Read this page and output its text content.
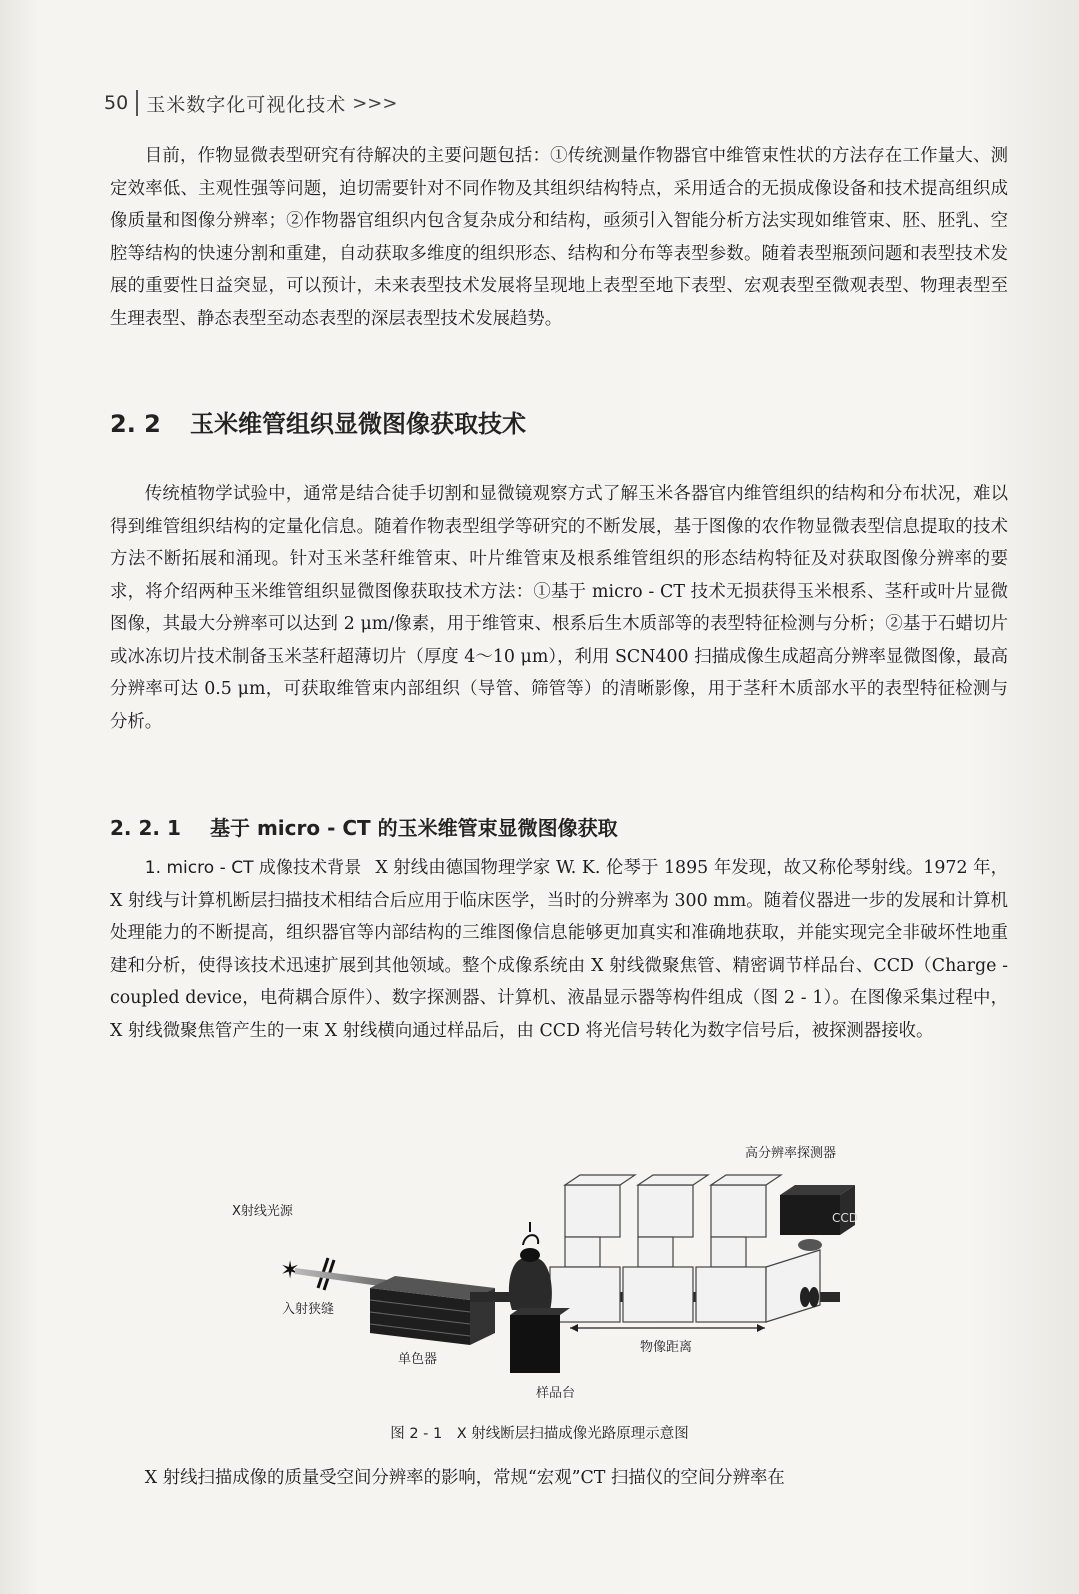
50 玉米数字化可视化技术 >>>

目前，作物显微表型研究有待解决的主要问题包括：①传统测量作物器官中维管束性状的方法存在工作量大、测定效率低、主观性强等问题，迫切需要针对不同作物及其组织结构特点，采用适合的无损成像设备和技术提高组织成像质量和图像分辨率；②作物器官组织内包含复杂成分和结构，亟须引入智能分析方法实现如维管束、胚、胚乳、空腔等结构的快速分割和重建，自动获取多维度的组织形态、结构和分布等表型参数。随着表型瓶颈问题和表型技术发展的重要性日益突显，可以预计，未来表型技术发展将呈现地上表型至地下表型、宏观表型至微观表型、物理表型至生理表型、静态表型至动态表型的深层表型技术发展趋势。

2. 2 玉米维管组织显微图像获取技术

传统植物学试验中，通常是结合徒手切割和显微镜观察方式了解玉米各器官内维管组织的结构和分布状况，难以得到维管组织结构的定量化信息。随着作物表型组学等研究的不断发展，基于图像的农作物显微表型信息提取的技术方法不断拓展和涌现。针对玉米茎秆维管束、叶片维管束及根系维管组织的形态结构特征及对获取图像分辨率的要求，将介绍两种玉米维管组织显微图像获取技术方法：①基于 micro - CT 技术无损获得玉米根系、茎秆或叶片显微图像，其最大分辨率可以达到 2 μm/像素，用于维管束、根系后生木质部等的表型特征检测与分析；②基于石蜡切片或冰冻切片技术制备玉米茎秆超薄切片（厚度 4～10 μm），利用 SCN400 扫描成像生成超高分辨率显微图像，最高分辨率可达 0.5 μm，可获取维管束内部组织（导管、筛管等）的清晰影像，用于茎秆木质部水平的表型特征检测与分析。

2. 2. 1 基于 micro - CT 的玉米维管束显微图像获取

1. micro - CT 成像技术背景 X 射线由德国物理学家 W. K. 伦琴于 1895 年发现，故又称伦琴射线。1972 年，X 射线与计算机断层扫描技术相结合后应用于临床医学，当时的分辨率为 300 mm。随着仪器进一步的发展和计算机处理能力的不断提高，组织器官等内部结构的三维图像信息能够更加真实和准确地获取，并能实现完全非破坏性地重建和分析，使得该技术迅速扩展到其他领域。整个成像系统由 X 射线微聚焦管、精密调节样品台、CCD（Charge - coupled device，电荷耦合原件）、数字探测器、计算机、液晶显示器等构件组成（图 2 - 1）。在图像采集过程中，X 射线微聚焦管产生的一束 X 射线横向通过样品后，由 CCD 将光信号转化为数字信号后，被探测器接收。

✶
高分辨率探测器
CCD
X射线光源
入射狭缝
单色器
物像距离
样品台
图 2 - 1　X 射线断层扫描成像光路原理示意图

X 射线扫描成像的质量受空间分辨率的影响，常规“宏观”CT 扫描仪的空间分辨率在
